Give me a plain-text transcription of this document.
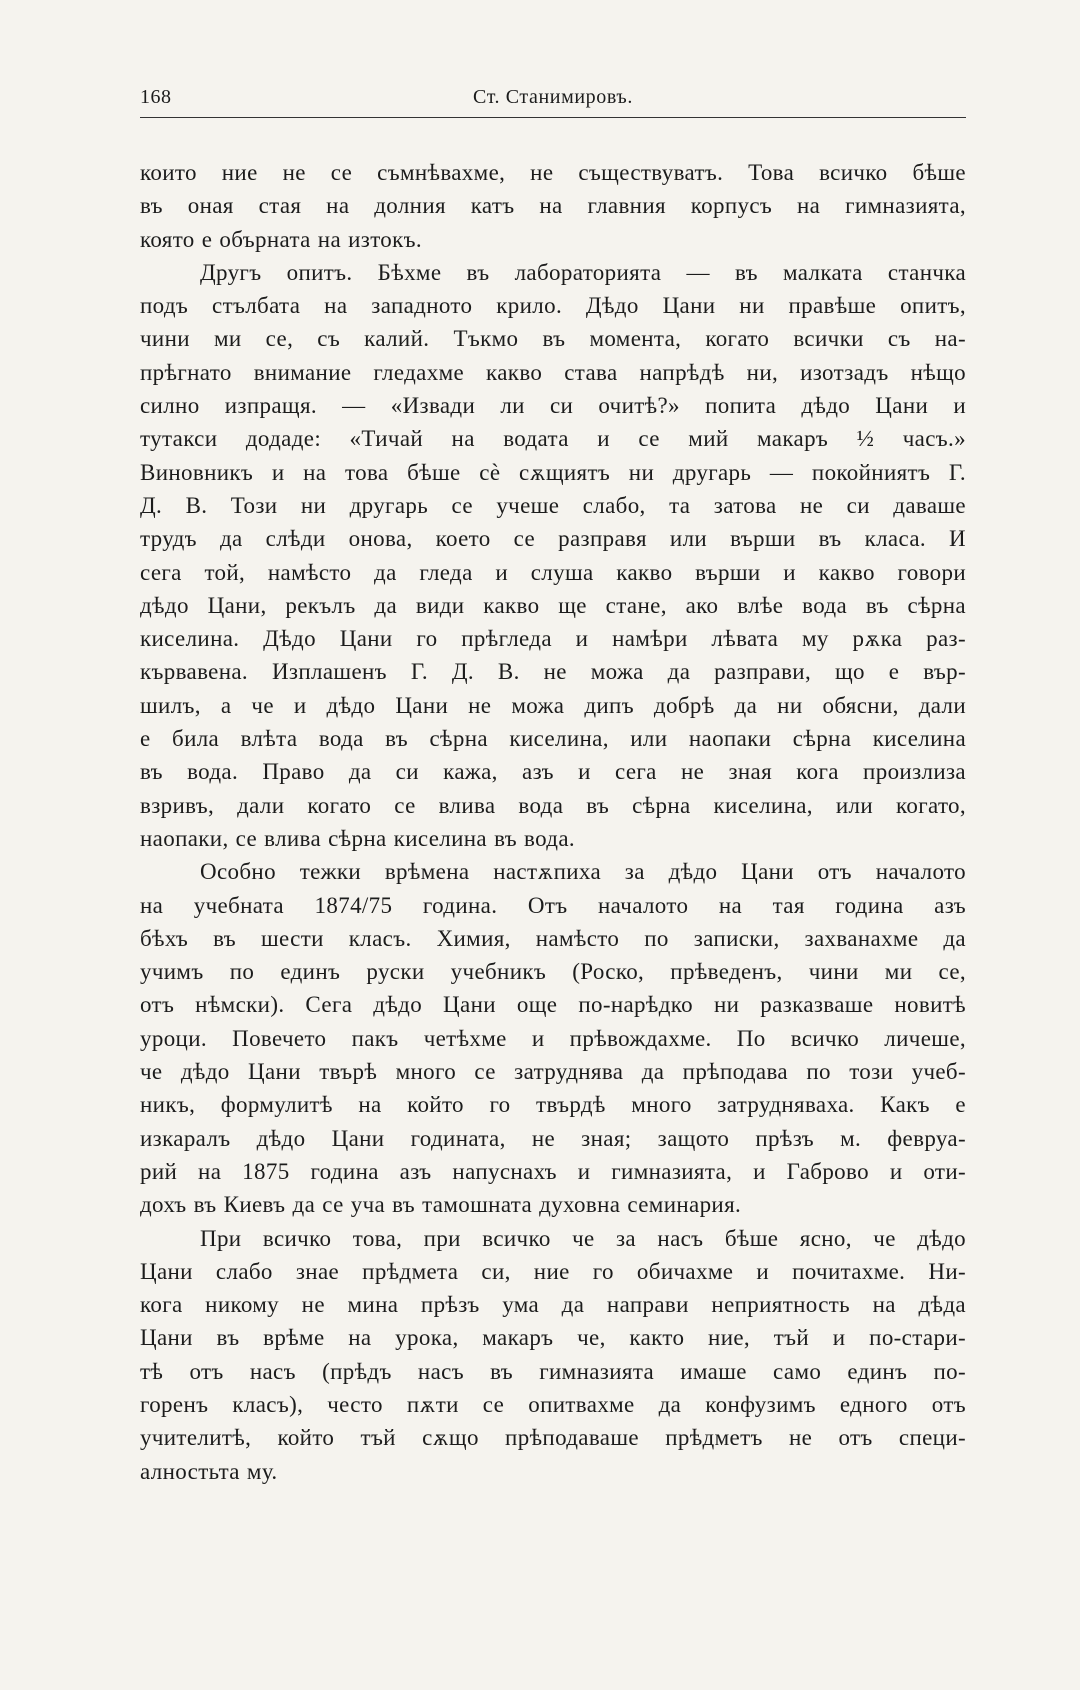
168	Ст. Станимировъ.

които ние не се съмнѣвахме, не съществуватъ. Това всичко бѣше
въ оная стая на долния катъ на главния корпусъ на гимназията,
която е обърната на изтокъ.

Другъ опитъ. Бѣхме въ лабораторията — въ малката станчка
подъ стълбата на западното крило. Дѣдо Цани ни правѣше опитъ,
чини ми се, съ калий. Тъкмо въ момента, когато всички съ на-
прѣгнато внимание гледахме какво става напрѣдѣ ни, изотзадъ нѣщо
силно изпращя. — «Извади ли си очитѣ?» попита дѣдо Цани и
тутакси додаде: «Тичай на водата и се мий макаръ ½ часъ.»
Виновникъ и на това бѣше сѐ сѫщиятъ ни другарь — покойниятъ Г.
Д. В. Този ни другарь се учеше слабо, та затова не си даваше
трудъ да слѣди онова, което се разправя или върши въ класа. И
сега той, намѣсто да гледа и слуша какво върши и какво говори
дѣдо Цани, рекълъ да види какво ще стане, ако влѣе вода въ сѣрна
киселина. Дѣдо Цани го прѣгледа и намѣри лѣвата му рѫка раз-
кървавена. Изплашенъ Г. Д. В. не можа да разправи, що е вър-
шилъ, а че и дѣдо Цани не можа дипъ добрѣ да ни обясни, дали
е била влѣта вода въ сѣрна киселина, или наопаки сѣрна киселина
въ вода. Право да си кажа, азъ и сега не зная кога произлиза
взривъ, дали когато се влива вода въ сѣрна киселина, или когато,
наопаки, се влива сѣрна киселина въ вода.

Особно тежки врѣмена настѫпиха за дѣдо Цани отъ началото
на учебната 1874/75 година. Отъ началото на тая година азъ
бѣхъ въ шести класъ. Химия, намѣсто по записки, захванахме да
учимъ по единъ руски учебникъ (Роско, прѣведенъ, чини ми се,
отъ нѣмски). Сега дѣдо Цани още по-нарѣдко ни разказваше новитѣ
уроци. Повечето пакъ четѣхме и прѣвождахме. По всичко личеше,
че дѣдо Цани твърѣ много се затруднява да прѣподава по този учеб-
никъ, формулитѣ на който го твърдѣ много затрудняваха. Какъ е
изкаралъ дѣдо Цани годината, не зная; защото прѣзъ м. февруа-
рий на 1875 година азъ напуснахъ и гимназията, и Габрово и оти-
дохъ въ Киевъ да се уча въ тамошната духовна семинария.

При всичко това, при всичко че за насъ бѣше ясно, че дѣдо
Цани слабо знае прѣдмета си, ние го обичахме и почитахме. Ни-
кога никому не мина прѣзъ ума да направи неприятность на дѣда
Цани въ врѣме на урока, макаръ че, както ние, тъй и по-стари-
тѣ отъ насъ (прѣдъ насъ въ гимназията имаше само единъ по-
горенъ класъ), често пѫти се опитвахме да конфузимъ едного отъ
учителитѣ, който тъй сѫщо прѣподаваше прѣдметъ не отъ специ-
алностьта му.
